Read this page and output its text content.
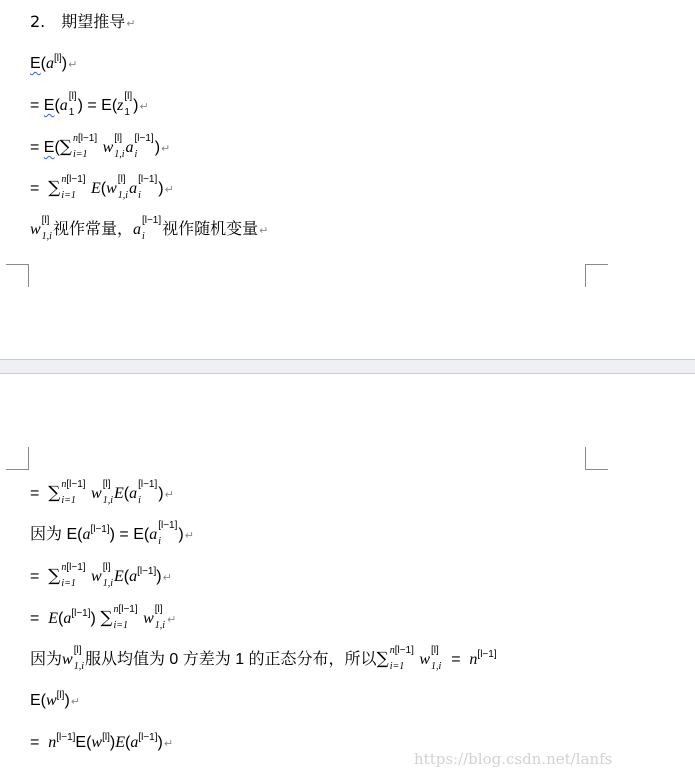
2.　期望推导↵
E(a[l])↵
= E(a
[l]
1 ) = E(z
[l]
1 )↵
= E(∑ n[l−1]
i=1 w
[l]
1,i a
[l−1]
i	)↵
= ∑ n[l−1]
i=1 E(w
[l]
1,i a
[l−1]
i	)↵
w
[l]
1,i 视作常量，a
[l−1]
i	视作随机变量↵
= ∑ n[l−1]
i=1 w
[l]
1,i E(a
[l−1]
i	)↵
因为 E(a[l−1]) = E(a
[l−1]
i	)↵
= ∑ n[l−1]
i=1 w
[l]
1,i E(a[l−1])↵
= E(a[l−1]) ∑ n[l−1]
i=1 w
[l]
1,i ↵
因为w
[l]
1,i 服从均值为 0 方差为 1 的正态分布，所以∑ n[l−1]
i=1 w
[l]
1,i = n[l−1]
E(w[l])↵
= n[l−1]E(w[l])E(a[l−1])↵
https://blog.csdn.net/lanfs
